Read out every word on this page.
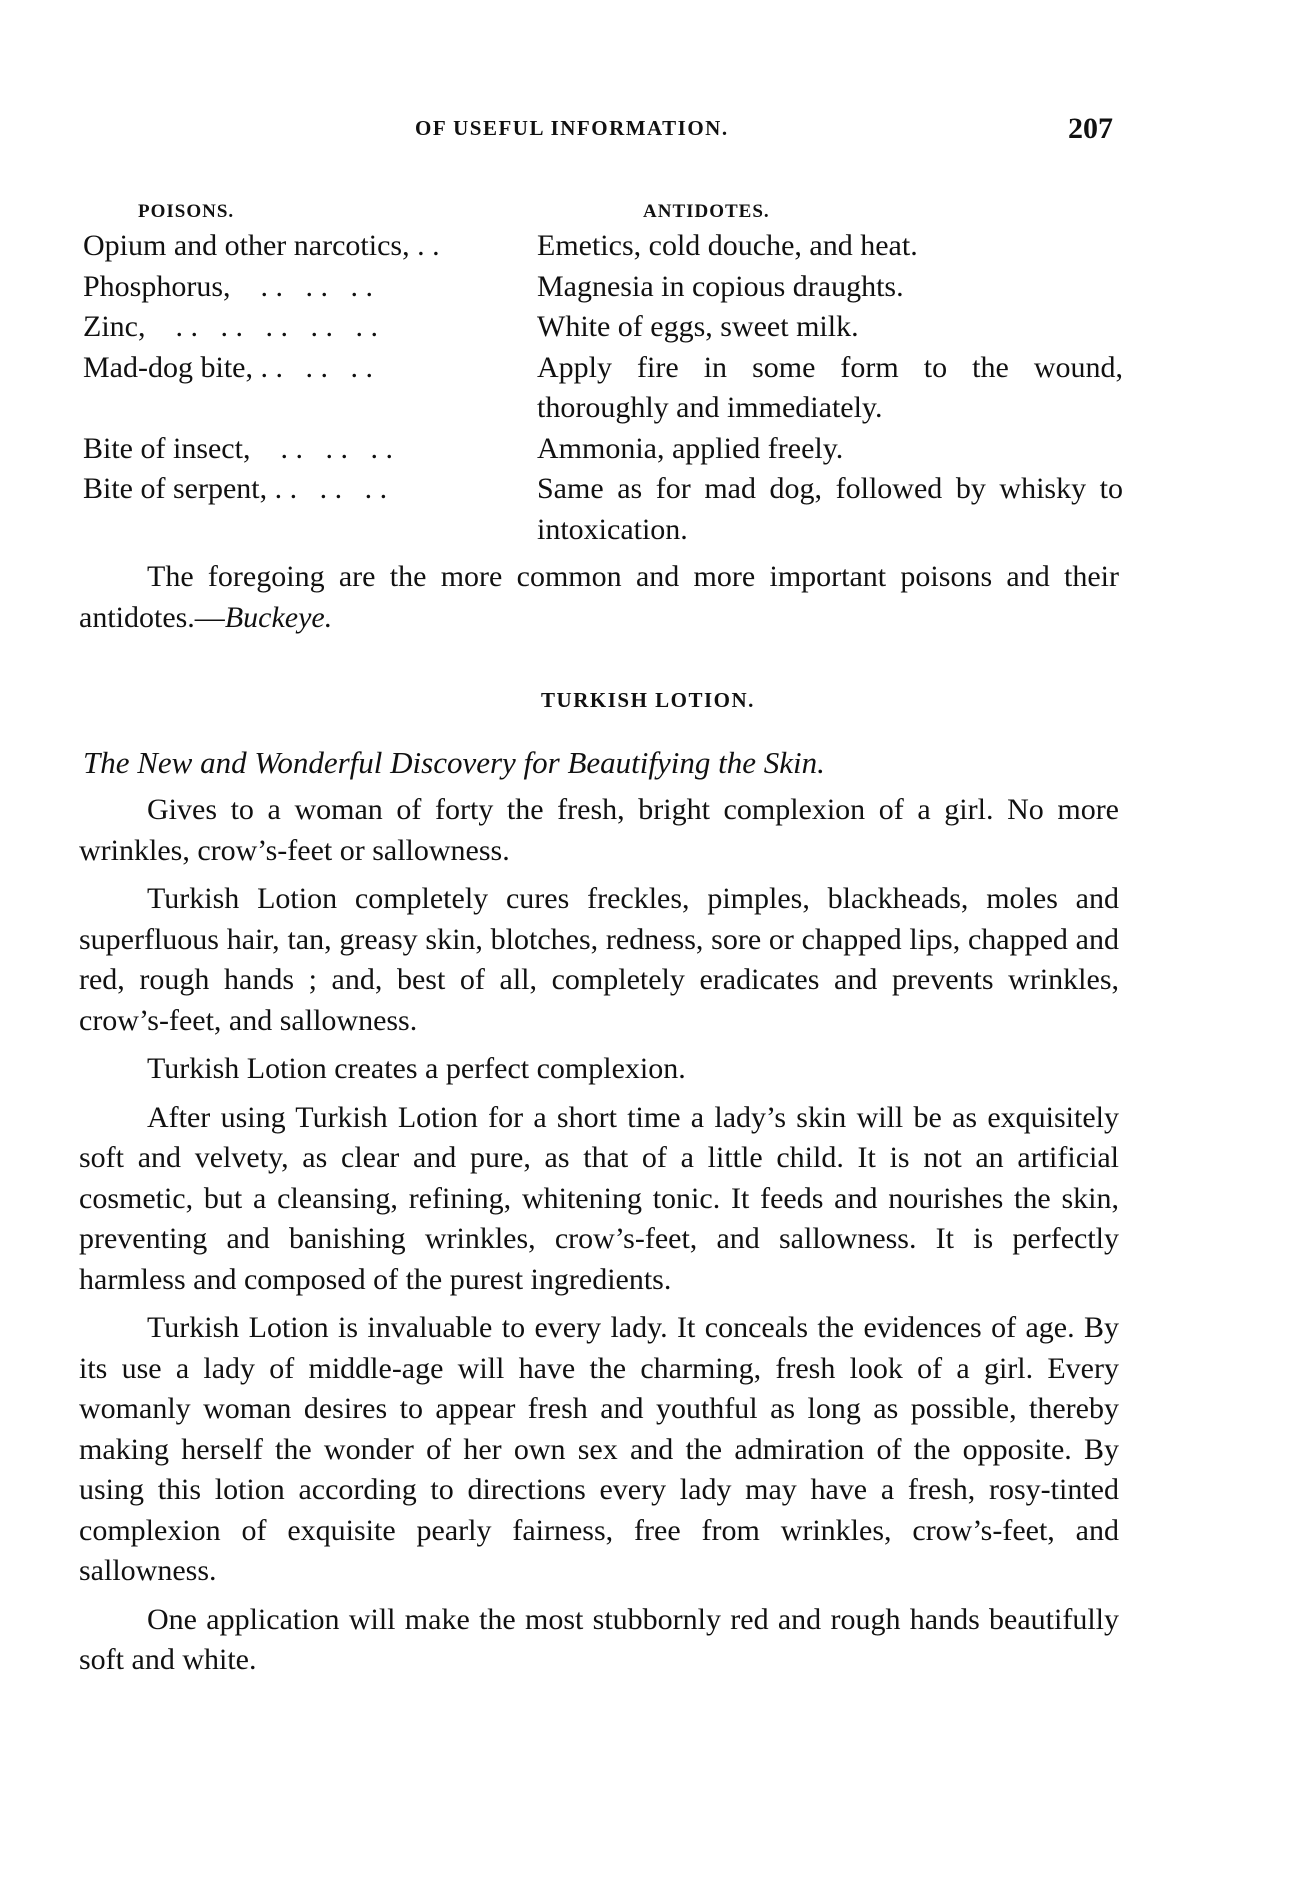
OF USEFUL INFORMATION.	207
POISONS.	ANTIDOTES.
Opium and other narcotics, . .	Emetics, cold douche, and heat.
Phosphorus,    . .   . .   . .	Magnesia in copious draughts.
Zinc,    . .   . .   . .   . .   . .	White of eggs, sweet milk.
Mad-dog bite, . .   . .   . .	Apply fire in some form to the wound, thoroughly and immediately.
Bite of insect,    . .   . .   . .	Ammonia, applied freely.
Bite of serpent, . .   . .   . .	Same as for mad dog, followed by whisky to intoxication.

The foregoing are the more common and more important poisons and their antidotes.—Buckeye.

TURKISH LOTION.
The New and Wonderful Discovery for Beautifying the Skin.

Gives to a woman of forty the fresh, bright complexion of a girl. No more wrinkles, crow’s-feet or sallowness.

Turkish Lotion completely cures freckles, pimples, blackheads, moles and superfluous hair, tan, greasy skin, blotches, redness, sore or chapped lips, chapped and red, rough hands ; and, best of all, completely eradicates and prevents wrinkles, crow’s-feet, and sallowness.

Turkish Lotion creates a perfect complexion.

After using Turkish Lotion for a short time a lady’s skin will be as exquisitely soft and velvety, as clear and pure, as that of a little child. It is not an artificial cosmetic, but a cleansing, refining, whitening tonic. It feeds and nourishes the skin, preventing and banishing wrinkles, crow’s-feet, and sallowness. It is perfectly harmless and composed of the purest ingredients.

Turkish Lotion is invaluable to every lady. It conceals the evidences of age. By its use a lady of middle-age will have the charming, fresh look of a girl. Every womanly woman desires to appear fresh and youthful as long as possible, thereby making herself the wonder of her own sex and the admiration of the opposite. By using this lotion according to directions every lady may have a fresh, rosy-tinted complexion of exquisite pearly fairness, free from wrinkles, crow’s-feet, and sallowness.

One application will make the most stubbornly red and rough hands beautifully soft and white.
